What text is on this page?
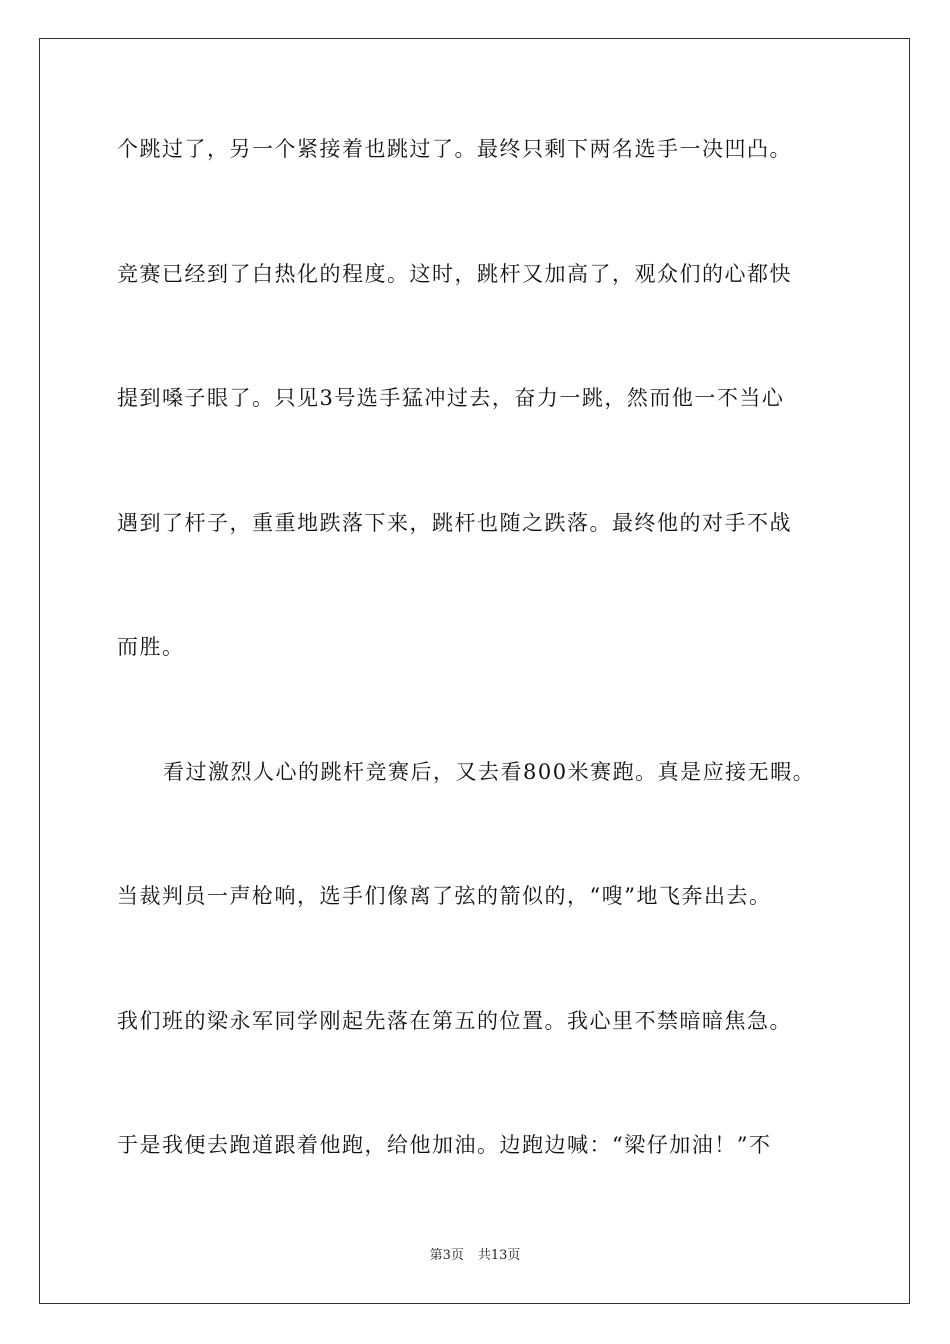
个跳过了，另一个紧接着也跳过了。最终只剩下两名选手一决凹凸。
竞赛已经到了白热化的程度。这时，跳杆又加高了，观众们的心都快
提到嗓子眼了。只见3号选手猛冲过去，奋力一跳，然而他一不当心
遇到了杆子，重重地跌落下来，跳杆也随之跌落。最终他的对手不战
而胜。
看过激烈人心的跳杆竞赛后，又去看800米赛跑。真是应接无暇。
当裁判员一声枪响，选手们像离了弦的箭似的，“嗖”地飞奔出去。
我们班的梁永军同学刚起先落在第五的位置。我心里不禁暗暗焦急。
于是我便去跑道跟着他跑，给他加油。边跑边喊：“梁仔加油！”不
第3页 共13页
